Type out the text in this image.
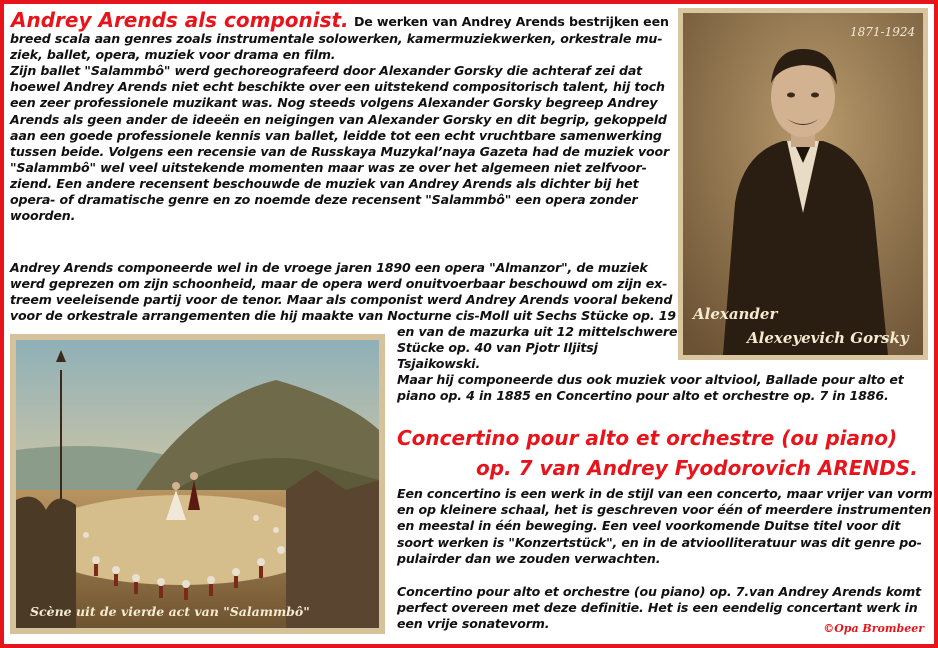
Andrey Arends als componist. De werken van Andrey Arends bestrijken een
breed scala aan genres zoals instrumentale solowerken, kamermuziekwerken, orkestrale mu-
ziek, ballet, opera, muziek voor drama en film.
Zijn ballet "Salammbô" werd gechoreografeerd door Alexander Gorsky die achteraf zei dat
hoewel Andrey Arends niet echt beschikte over een uitstekend compositorisch talent, hij toch
een zeer professionele muzikant was. Nog steeds volgens Alexander Gorsky begreep Andrey
Arends als geen ander de ideeën en neigingen van Alexander Gorsky en dit begrip, gekoppeld
aan een goede professionele kennis van ballet, leidde tot een echt vruchtbare samenwerking
tussen beide. Volgens een recensie van de Russkaya Muzykal’naya Gazeta had de muziek voor
"Salammbô" wel veel uitstekende momenten maar was ze over het algemeen niet zelfvoor-
ziend. Een andere recensent beschouwde de muziek van Andrey Arends als dichter bij het
opera- of dramatische genre en zo noemde deze recensent "Salammbô" een opera zonder
woorden.
Andrey Arends componeerde wel in de vroege jaren 1890 een opera "Almanzor", de muziek
werd geprezen om zijn schoonheid, maar de opera werd onuitvoerbaar beschouwd om zijn ex-
treem veeleisende partij voor de tenor. Maar als componist werd Andrey Arends vooral bekend
voor de orkestrale arrangementen die hij maakte van Nocturne cis-Moll uit Sechs Stücke op. 19
en van de mazurka uit 12 mittelschwere
Stücke op. 40 van Pjotr Iljitsj
Tsjaikowski.
Maar hij componeerde dus ook muziek voor altviool, Ballade pour alto et
piano op. 4 in 1885 en Concertino pour alto et orchestre op. 7 in 1886.
Concertino pour alto et orchestre (ou piano)
op. 7 van Andrey Fyodorovich ARENDS.
Een concertino is een werk in de stijl van een concerto, maar vrijer van vorm
en op kleinere schaal, het is geschreven voor één of meerdere instrumenten
en meestal in één beweging. Een veel voorkomende Duitse titel voor dit
soort werken is "Konzertstück", en in de atvioolliteratuur was dit genre po-
pulairder dan we zouden verwachten.
Concertino pour alto et orchestre (ou piano) op. 7.van Andrey Arends komt
perfect overeen met deze definitie. Het is een eendelig concertant werk in
een vrije sonatevorm.
1871-1924
Alexander
Alexeyevich Gorsky
Scène uit de vierde act van "Salammbô"
©Opa Brombeer
